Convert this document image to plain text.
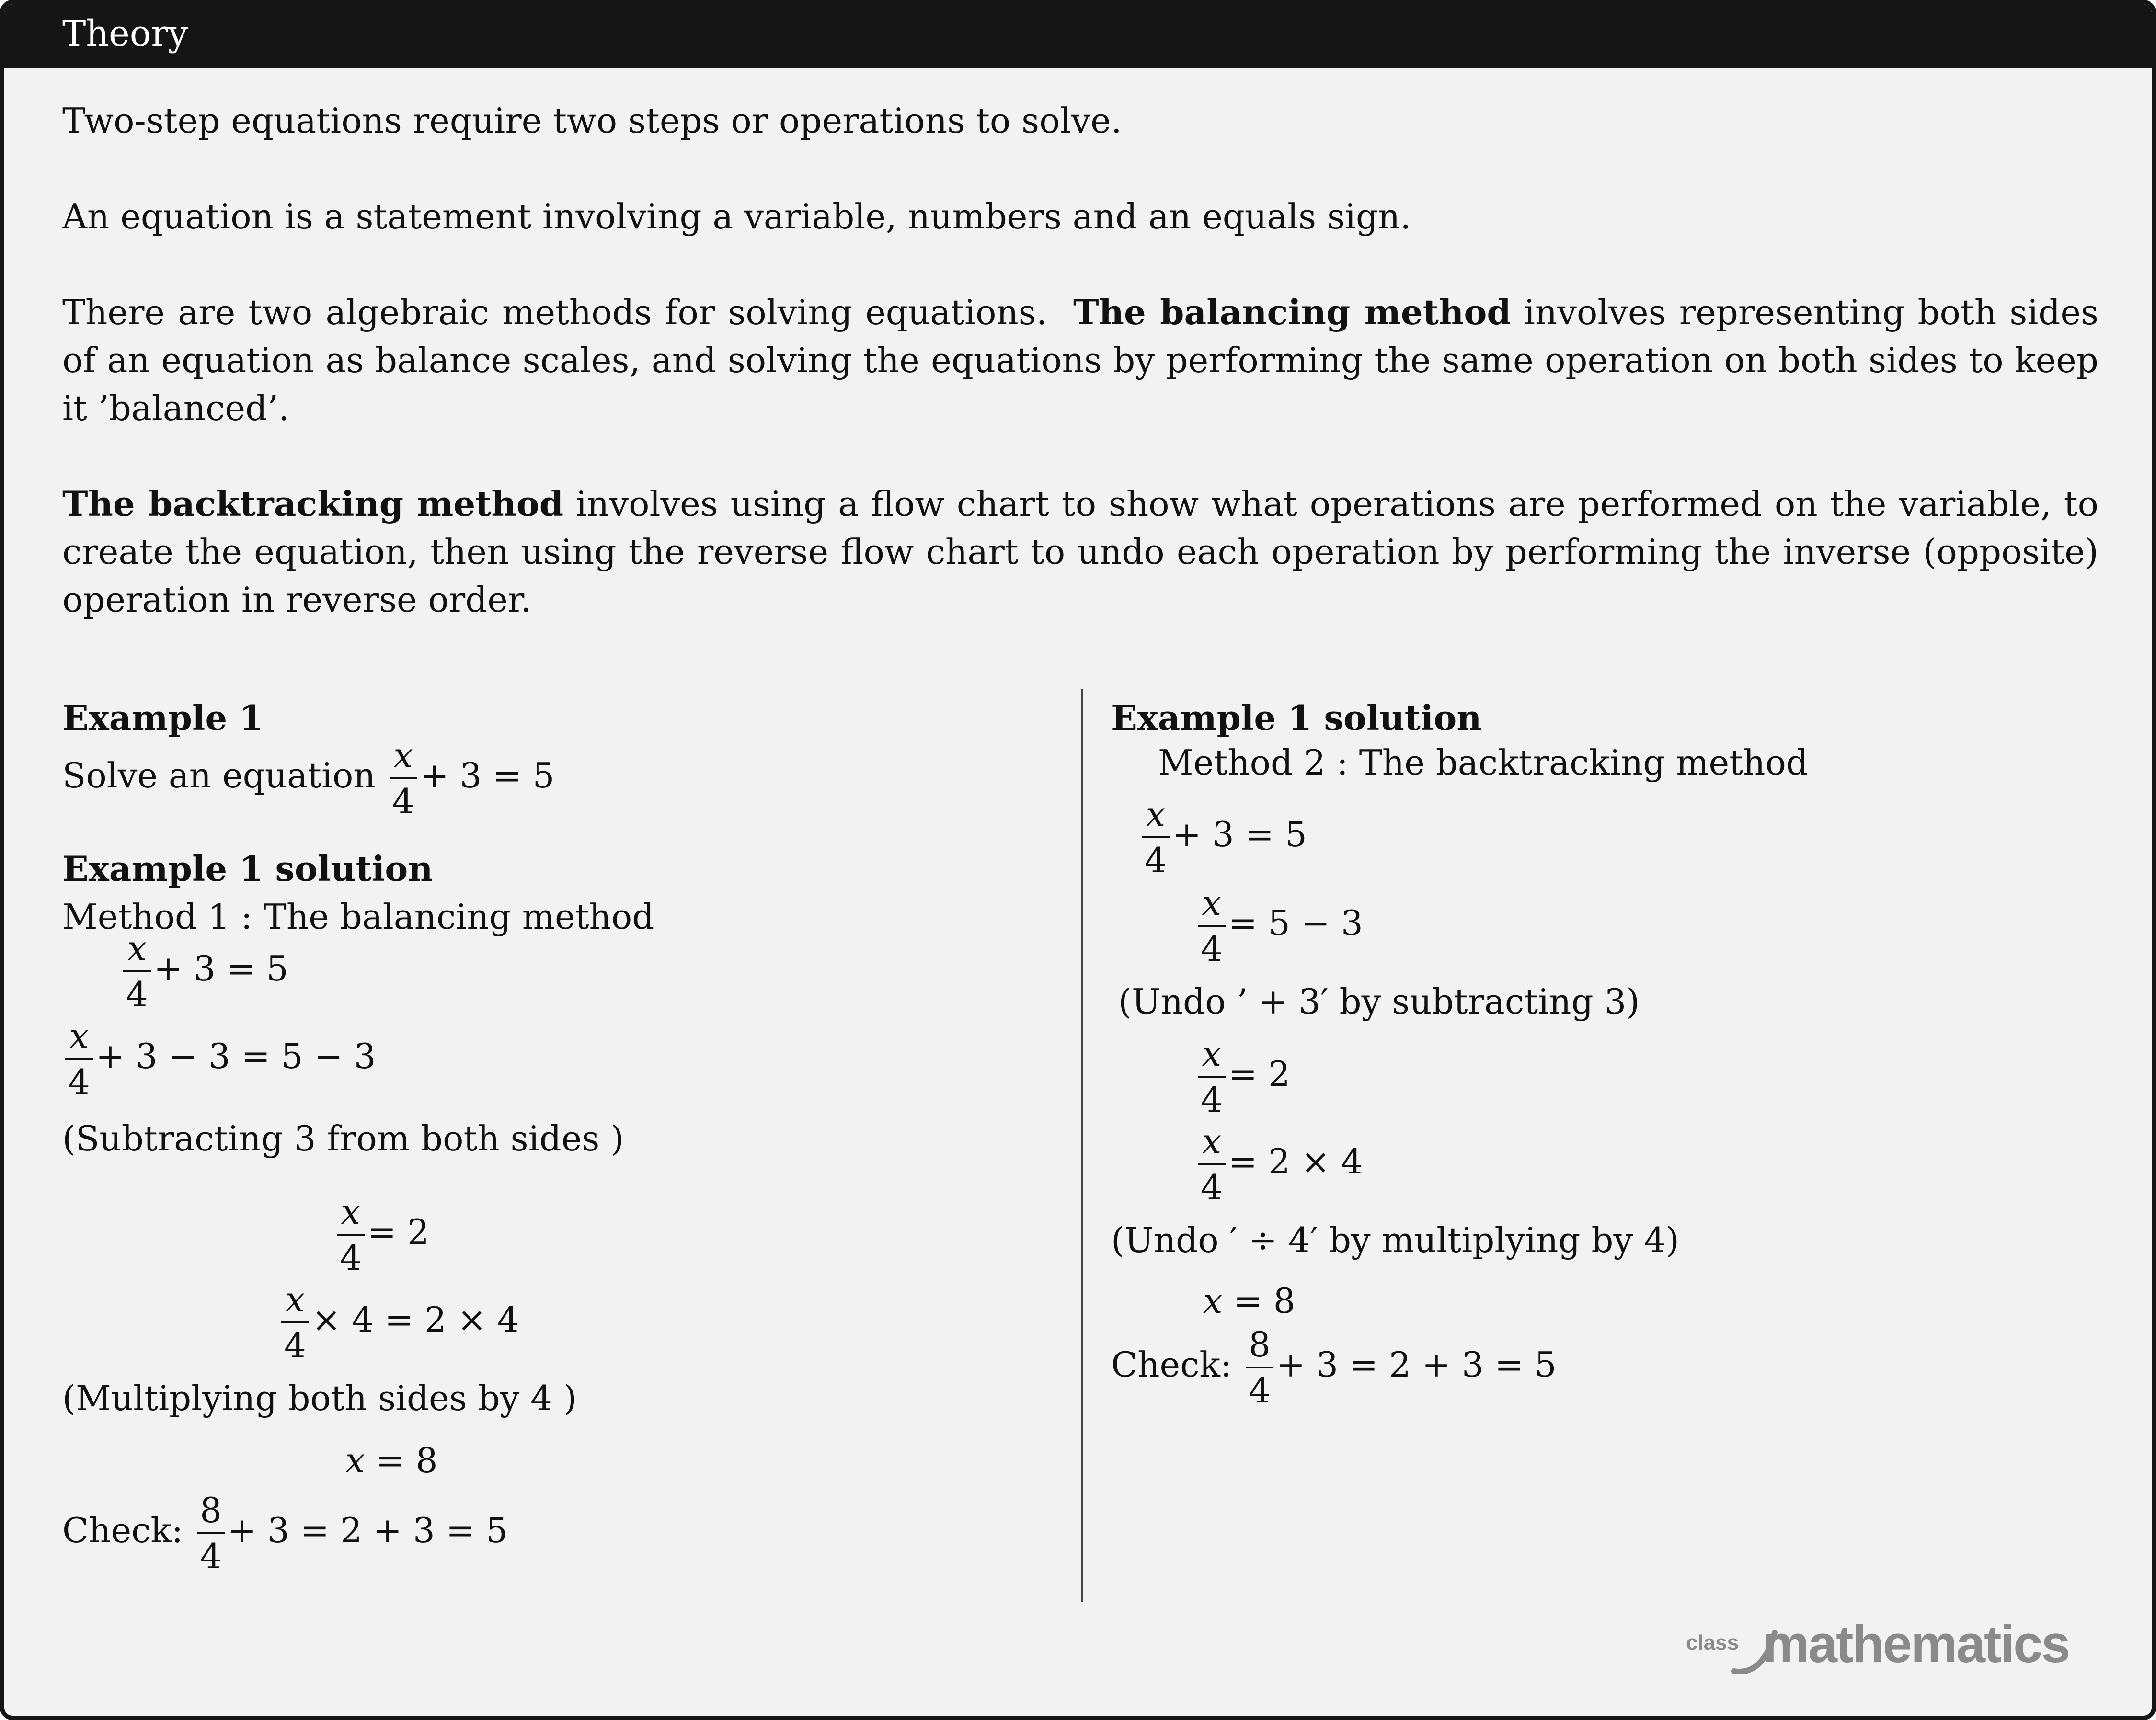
Theory

Two-step equations require two steps or operations to solve.

An equation is a statement involving a variable, numbers and an equals sign.

There are two algebraic methods for solving equations. The balancing method involves representing both sides of an equation as balance scales, and solving the equations by performing the same operation on both sides to keep it ’balanced’.

The backtracking method involves using a flow chart to show what operations are performed on the variable, to create the equation, then using the reverse flow chart to undo each operation by performing the inverse (opposite) operation in reverse order.

Example 1
Solve an equation $\frac{x}{4} + 3 = 5$
Example 1 solution
Method 1 : The balancing method
$\frac{x}{4} + 3 = 5$
$\frac{x}{4} + 3 - 3 = 5 - 3$
(Subtracting 3 from both sides )
$\frac{x}{4} = 2$
$\frac{x}{4} \times 4 = 2 \times 4$
(Multiplying both sides by 4 )
x = 8
Check: $\frac{8}{4} + 3 = 2 + 3 = 5$
Example 1 solution
Method 2 : The backtracking method
$\frac{x}{4} + 3 = 5$
$\frac{x}{4} = 5 - 3$
(Undo ’ + 3′ by subtracting 3)
$\frac{x}{4} = 2$
$\frac{x}{4} = 2 \times 4$
(Undo ′ ÷ 4′ by multiplying by 4)
x = 8
Check: $\frac{8}{4} + 3 = 2 + 3 = 5$
class mathematics
